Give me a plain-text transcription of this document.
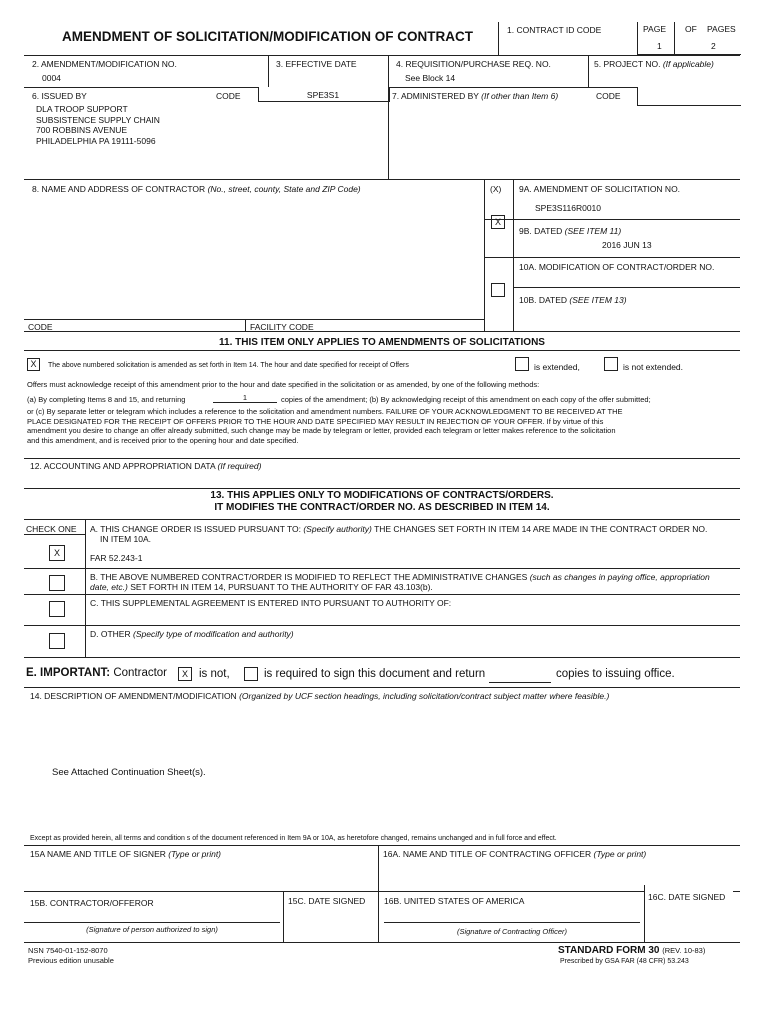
AMENDMENT OF SOLICITATION/MODIFICATION OF CONTRACT	1. CONTRACT ID CODE	PAGE OF PAGES
1	2
2. AMENDMENT/MODIFICATION NO.
0004
3. EFFECTIVE DATE	4. REQUISITION/PURCHASE REQ. NO.
See Block 14
5. PROJECT NO. (If applicable)
6. ISSUED BY	CODE	SPE3S1	7. ADMINISTERED BY (If other than Item 6)	CODE
DLA TROOP SUPPORT
SUBSISTENCE SUPPLY CHAIN
700 ROBBINS AVENUE
PHILADELPHIA PA 19111-5096
8. NAME AND ADDRESS OF CONTRACTOR (No., street, county, State and ZIP Code)	(X) 9A. AMENDMENT OF SOLICITATION NO.
SPE3S116R0010
X
9B. DATED (SEE ITEM 11)
2016 JUN 13
10A. MODIFICATION OF CONTRACT/ORDER NO.
10B. DATED (SEE ITEM 13)
CODE	FACILITY CODE
11. THIS ITEM ONLY APPLIES TO AMENDMENTS OF SOLICITATIONS
X	The above numbered solicitation is amended as set forth in Item 14. The hour and date specified for receipt of Offers	is extended,	is not extended.
Offers must acknowledge receipt of this amendment prior to the hour and date specified in the solicitation or as amended, by one of the following methods:
(a) By completing Items 8 and 15, and returning	1	copies of the amendment; (b) By acknowledging receipt of this amendment on each copy of the offer submitted;
or (c) By separate letter or telegram which includes a reference to the solicitation and amendment numbers. FAILURE OF YOUR ACKNOWLEDGMENT TO BE RECEIVED AT THE
PLACE DESIGNATED FOR THE RECEIPT OF OFFERS PRIOR TO THE HOUR AND DATE SPECIFIED MAY RESULT IN REJECTION OF YOUR OFFER. If by virtue of this
amendment you desire to change an offer already submitted, such change may be made by telegram or letter, provided each telegram or letter makes reference to the solicitation
and this amendment, and is received prior to the opening hour and date specified.
12. ACCOUNTING AND APPROPRIATION DATA (If required)
13. THIS APPLIES ONLY TO MODIFICATIONS OF CONTRACTS/ORDERS.
IT MODIFIES THE CONTRACT/ORDER NO. AS DESCRIBED IN ITEM 14.
CHECK ONE A. THIS CHANGE ORDER IS ISSUED PURSUANT TO: (Specify authority) THE CHANGES SET FORTH IN ITEM 14 ARE MADE IN THE CONTRACT ORDER NO.
IN ITEM 10A.
X	FAR 52.243-1
B. THE ABOVE NUMBERED CONTRACT/ORDER IS MODIFIED TO REFLECT THE ADMINISTRATIVE CHANGES (such as changes in paying office, appropriation
date, etc.) SET FORTH IN ITEM 14, PURSUANT TO THE AUTHORITY OF FAR 43.103(b).
C. THIS SUPPLEMENTAL AGREEMENT IS ENTERED INTO PURSUANT TO AUTHORITY OF:
D. OTHER (Specify type of modification and authority)
E. IMPORTANT: Contractor	X is not,	is required to sign this document and return	copies to issuing office.
14. DESCRIPTION OF AMENDMENT/MODIFICATION (Organized by UCF section headings, including solicitation/contract subject matter where feasible.)
See Attached Continuation Sheet(s).
Except as provided herein, all terms and condition s of the document referenced in Item 9A or 10A, as heretofore changed, remains unchanged and in full force and effect.
15A NAME AND TITLE OF SIGNER (Type or print)	16A. NAME AND TITLE OF CONTRACTING OFFICER (Type or print)
15B. CONTRACTOR/OFFEROR	15C. DATE SIGNED 16B. UNITED STATES OF AMERICA	16C. DATE SIGNED
(Signature of person authorized to sign)	(Signature of Contracting Officer)
NSN 7540-01-152-8070
Previous edition unusable
STANDARD FORM 30 (REV. 10-83)
Prescribed by GSA FAR (48 CFR) 53.243
